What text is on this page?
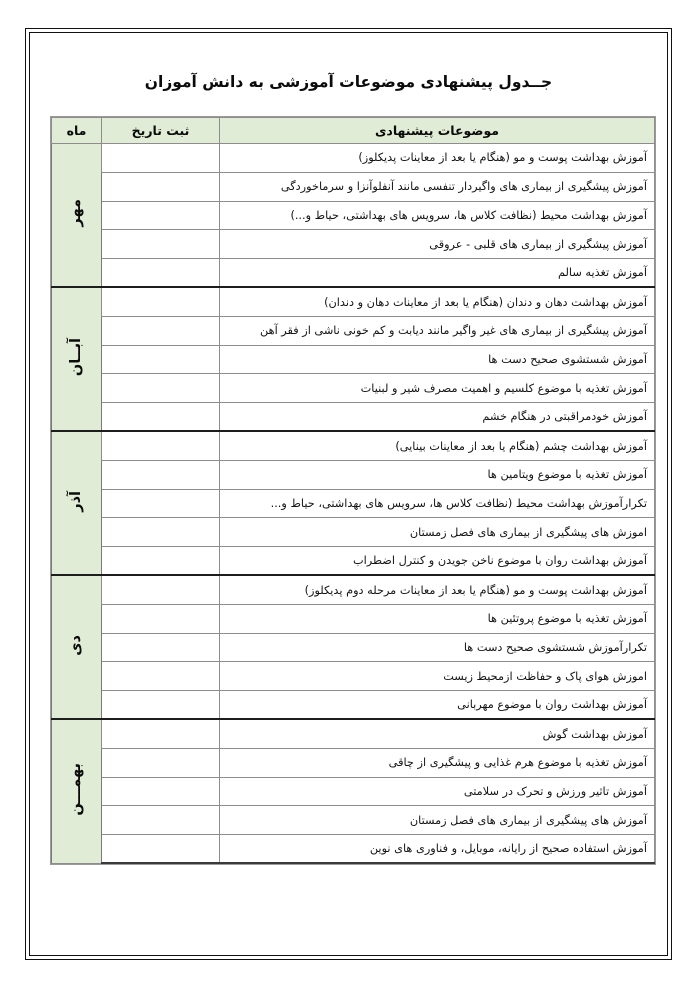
جــدول پیشنهادی موضوعات آموزشی به دانش آموزان
موضوعات پیشنهادی	ثبت تاریخ	ماه
آموزش بهداشت پوست و مو (هنگام یا بعد از معاینات پدیکلوز)		مهر
آموزش پیشگیری از بیماری های واگیردار تنفسی مانند آنفلوآنزا و سرماخوردگی		
آموزش بهداشت محیط (نظافت کلاس ها، سرویس های بهداشتی، حیاط و...)		
آموزش پیشگیری از بیماری های قلبی - عروقی		
آموزش تغذیه سالم		
آموزش بهداشت دهان و دندان (هنگام یا بعد از معاینات دهان و دندان)		آبــان
آموزش پیشگیری از بیماری های غیر واگیر مانند دیابت و کم خونی ناشی از فقر آهن		
آموزش شستشوی صحیح دست ها		
آموزش تغذیه با موضوع کلسیم و اهمیت مصرف شیر و لبنیات		
آموزش خودمراقبتی در هنگام خشم		
آموزش بهداشت چشم (هنگام یا بعد از معاینات بینایی)		آذر
آموزش تغذیه با موضوع ویتامین ها		
تکرارآموزش بهداشت محیط (نظافت کلاس ها، سرویس های بهداشتی، حیاط و...		
اموزش های پیشگیری از بیماری های فصل زمستان		
آموزش بهداشت روان با موضوع ناخن جویدن و کنترل اضطراب		
آموزش بهداشت پوست و مو (هنگام یا بعد از معاینات مرحله دوم پدیکلوز)		دی
آموزش تغذیه با موضوع پروتئین ها		
تکرارآموزش شستشوی صحیح دست ها		
اموزش هوای پاک و حفاظت ازمحیط زیست		
آموزش بهداشت روان با موضوع مهربانی		
آموزش بهداشت گوش		بهمـــن
آموزش تغذیه با موضوع هرم غذایی و پیشگیری از چاقی		
آموزش تاثیر ورزش و تحرک در سلامتی		
آموزش های پیشگیری از بیماری های فصل زمستان		
آموزش استفاده صحیح از رایانه، موبایل، و فناوری های نوین		
